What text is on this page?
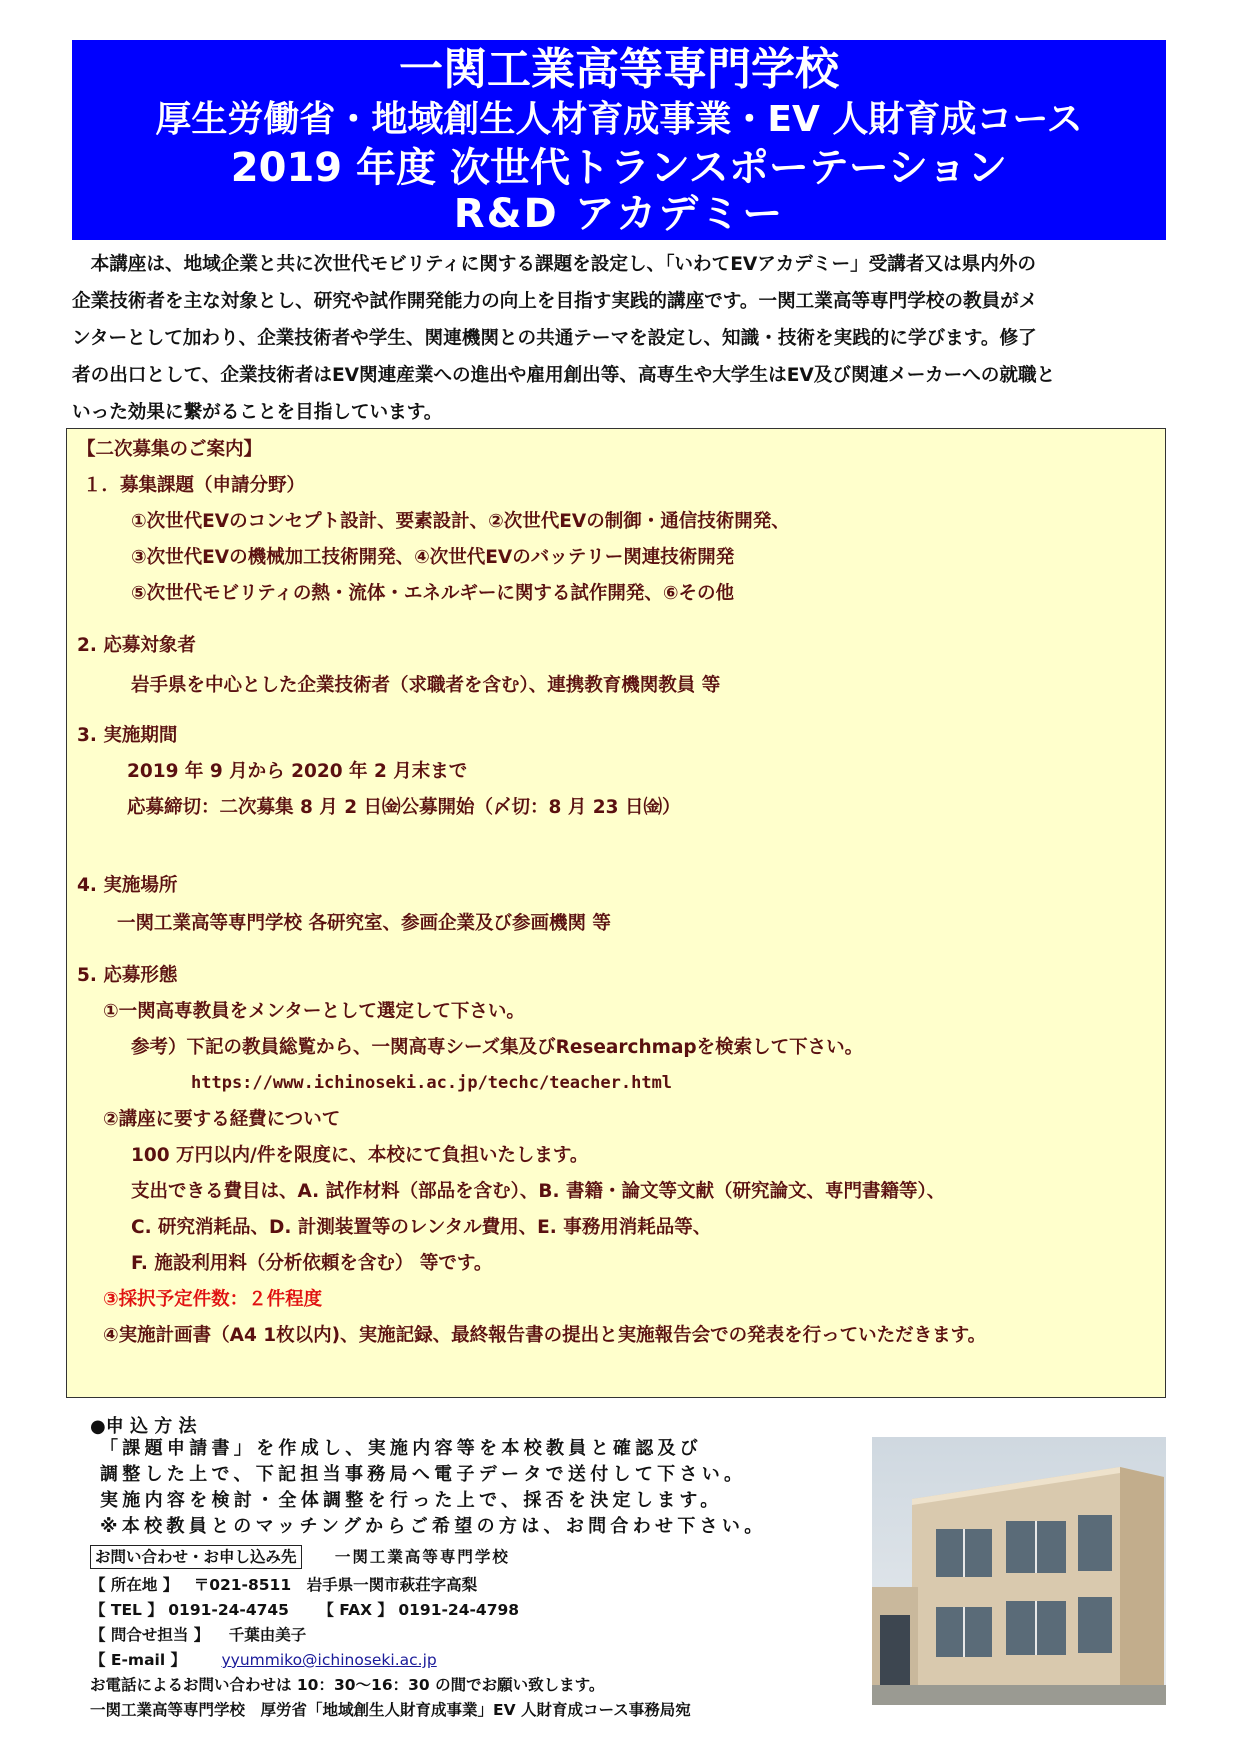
一関工業高等専門学校
厚生労働省・地域創生人材育成事業・EV 人財育成コース
2019 年度 次世代トランスポーテーション
R&D アカデミー

　本講座は、地域企業と共に次世代モビリティに関する課題を設定し、「いわてEVアカデミー」受講者又は県内外の

企業技術者を主な対象とし、研究や試作開発能力の向上を目指す実践的講座です。一関工業高等専門学校の教員がメ

ンターとして加わり、企業技術者や学生、関連機関との共通テーマを設定し、知識・技術を実践的に学びます。修了

者の出口として、企業技術者はEV関連産業への進出や雇用創出等、高専生や大学生はEV及び関連メーカーへの就職と

いった効果に繋がることを目指しています。

【二次募集のご案内】
１．募集課題（申請分野）
①次世代EVのコンセプト設計、要素設計、②次世代EVの制御・通信技術開発、
③次世代EVの機械加工技術開発、④次世代EVのバッテリー関連技術開発
⑤次世代モビリティの熱・流体・エネルギーに関する試作開発、⑥その他
2. 応募対象者
岩手県を中心とした企業技術者（求職者を含む）、連携教育機関教員 等
3. 実施期間
2019 年 9 月から 2020 年 2 月末まで
応募締切：二次募集 8 月 2 日㈮公募開始（〆切：8 月 23 日㈮）
4. 実施場所
一関工業高等専門学校 各研究室、参画企業及び参画機関 等
5. 応募形態
①一関高専教員をメンターとして選定して下さい。
参考）下記の教員総覧から、一関高専シーズ集及びResearchmapを検索して下さい。
https://www.ichinoseki.ac.jp/techc/teacher.html
②講座に要する経費について
100 万円以内/件を限度に、本校にて負担いたします。
支出できる費目は、A. 試作材料（部品を含む）、B. 書籍・論文等文献（研究論文、専門書籍等）、
C. 研究消耗品、D. 計測装置等のレンタル費用、E. 事務用消耗品等、
F. 施設利用料（分析依頼を含む） 等です。
③採択予定件数：２件程度
④実施計画書（A4 1枚以内)、実施記録、最終報告書の提出と実施報告会での発表を行っていただきます。
●申 込 方 法

「課題申請書」を作成し、実施内容等を本校教員と確認及び

調整した上で、下記担当事務局へ電子データで送付して下さい。

実施内容を検討・全体調整を行った上で、採否を決定します。

※本校教員とのマッチングからご希望の方は、お問合わせ下さい。

お問い合わせ・お申し込み先 一関工業高等専門学校
【 所在地 】 〒021-8511　岩手県一関市萩荘字高梨
【 TEL 】 0191-24-4745 【 FAX 】 0191-24-4798
【 問合せ担当 】 千葉由美子
【 E-mail 】 yyummiko@ichinoseki.ac.jp
お電話によるお問い合わせは 10：30～16：30 の間でお願い致します。
一関工業高等専門学校　厚労省「地域創生人財育成事業」EV 人財育成コース事務局宛
